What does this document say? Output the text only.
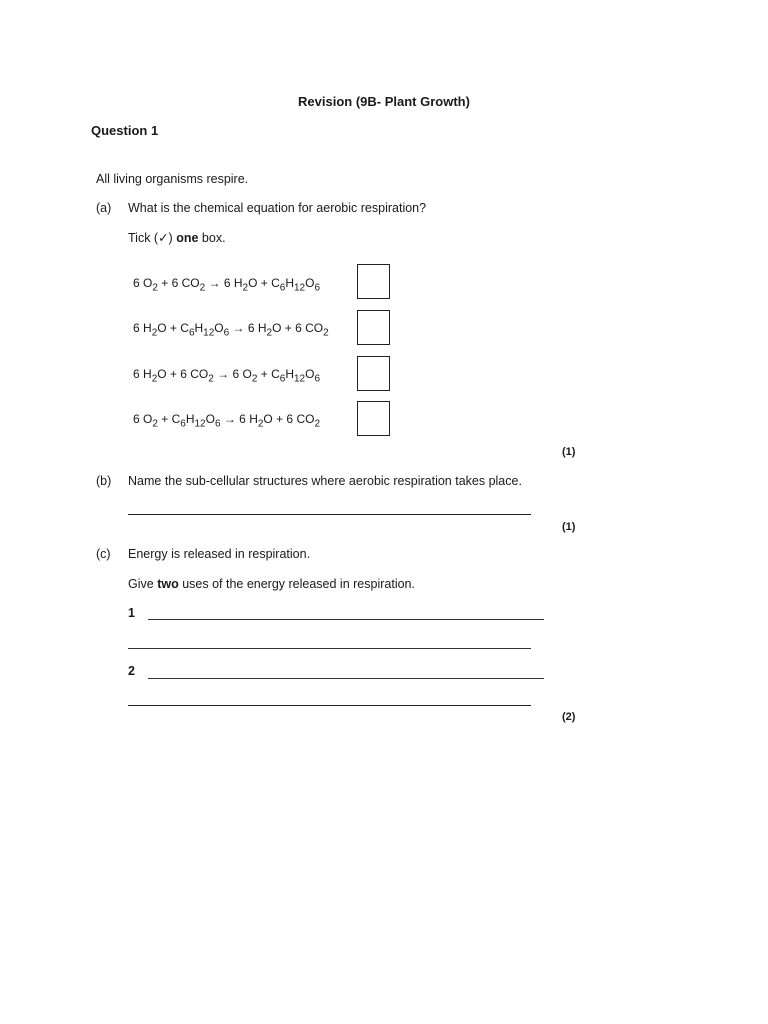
Revision (9B- Plant Growth)
Question 1
All living organisms respire.
(a) What is the chemical equation for aerobic respiration?
Tick (✓) one box.
6 $O_2 + 6$ $CO_2 \to 6$ $H_2O + C_6H_{12}O_6$
6 $H_2O + C_6H_{12}O_6 \to 6$ $H_2O + 6$ $CO_2$
6 $H_2O + 6$ $CO_2 \to 6$ $O_2 + C_6H_{12}O_6$
6 $O_2 + C_6H_{12}O_6 \to 6$ $H_2O + 6$ $CO_2$
(1)
(b) Name the sub-cellular structures where aerobic respiration takes place.
(1)
(c) Energy is released in respiration.
Give two uses of the energy released in respiration.
1
2
(2)
